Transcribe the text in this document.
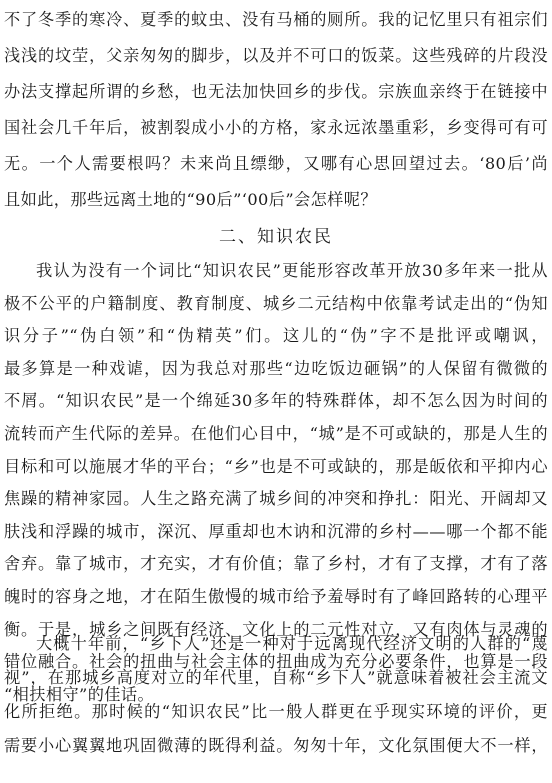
不了冬季的寒冷、夏季的蚊虫、没有马桶的厕所。我的记忆里只有祖宗们
浅浅的坟茔，父亲匆匆的脚步，以及并不可口的饭菜。这些残碎的片段没
办法支撑起所谓的乡愁，也无法加快回乡的步伐。宗族血亲终于在链接中
国社会几千年后，被割裂成小小的方格，家永远浓墨重彩，乡变得可有可
无。一个人需要根吗？未来尚且缥缈，又哪有心思回望过去。‘80后’尚
且如此，那些远离土地的“90后”‘00后”会怎样呢？
二、知识农民
我认为没有一个词比“知识农民”更能形容改革开放30多年来一批从
极不公平的户籍制度、教育制度、城乡二元结构中依靠考试走出的“伪知
识分子”“伪白领”和“伪精英”们。这儿的“伪”字不是批评或嘲讽，
最多算是一种戏谑，因为我总对那些“边吃饭边砸锅”的人保留有微微的
不屑。“知识农民”是一个绵延30多年的特殊群体，却不怎么因为时间的
流转而产生代际的差异。在他们心目中，“城”是不可或缺的，那是人生的
目标和可以施展才华的平台；“乡”也是不可或缺的，那是皈依和平抑内心
焦躁的精神家园。人生之路充满了城乡间的冲突和挣扎：阳光、开阔却又
肤浅和浮躁的城市，深沉、厚重却也木讷和沉滞的乡村——哪一个都不能
舍弃。靠了城市，才充实，才有价值；靠了乡村，才有了支撑，才有了落
魄时的容身之地，才在陌生傲慢的城市给予羞辱时有了峰回路转的心理平
衡。于是，城乡之间既有经济、文化上的二元性对立，又有肉体与灵魂的
错位融合。社会的扭曲与社会主体的扭曲成为充分必要条件，也算是一段
“相扶相守”的佳话。
大概十年前，“乡下人”还是一种对于远离现代经济文明的人群的“蔑
视”，在那城乡高度对立的年代里，自称“乡下人”就意味着被社会主流文
化所拒绝。那时候的“知识农民”比一般人群更在乎现实环境的评价，更
需要小心翼翼地巩固微薄的既得利益。匆匆十年，文化氛围便大不一样，
